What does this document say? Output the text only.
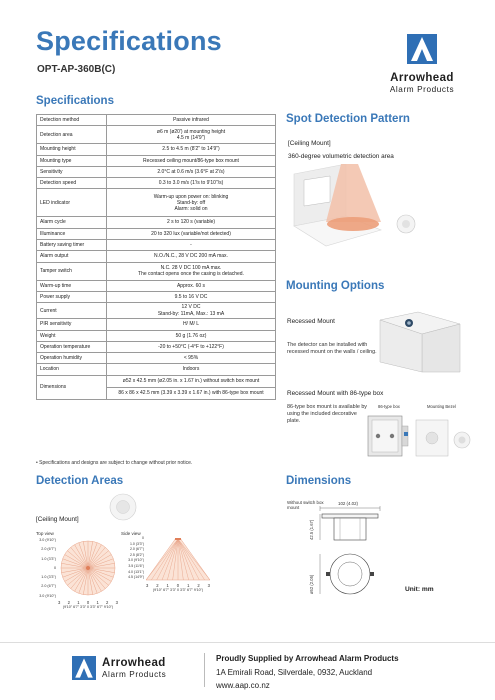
Specifications
OPT-AP-360B(C)
Arrowhead
Alarm Products
Specifications
Detection method	Passive infrared
Detection area	ø6 m (ø20') at mounting height
4.5 m (14'9")
Mounting height	2.5 to 4.5 m (8'2" to 14'9")
Mounting type	Recessed ceiling mount/86-type box mount
Sensitivity	2.0°C at 0.6 m/s (3.6°F at 2'/s)
Detection speed	0.3 to 3.0 m/s (1'/s to 9'10"/s)
LED indicator	Warm-up upon power on: blinking
Stand-by: off
Alarm: solid on
Alarm cycle	2 s to 120 s (variable)
Illuminance	20 to 320 lux (variable/not detected)
Battery saving timer	-
Alarm output	N.O./N.C., 28 V DC 200 mA max.
Tamper switch	N.C. 28 V DC 100 mA max.
The contact opens once the casing is detached.
Warm-up time	Approx. 60 s
Power supply	9.5 to 16 V DC
Current	12 V DC
Stand-by: 11mA, Max.: 13 mA
PIR sensitivity	H/ M/ L
Weight	50 g (1.76 oz)
Operation temperature	-20 to +50°C (-4°F to +122°F)
Operation humidity	< 95%
Location	Indoors
Dimensions	ø52 x 42.5 mm (ø2.05 in. x 1.67 in.) without switch box mount
	86 x 86 x 42.5 mm (3.39 x 3.39 x 1.67 in.) with 86-type box mount
• Specifications and designs are subject to change without prior notice.
Spot Detection Pattern
[Ceiling Mount]
360-degree volumetric detection area
Mounting Options
Recessed Mount
The detector can be installed with recessed mount on the walls / ceiling.
Recessed Mount with 86-type box
86-type box mount is available by using the included decorative plate.
86-type box	Mounting Bezel
Detection Areas
[Ceiling Mount]
Top view	Side view
3.0 (9'10")
2.0 (6'7")
1.0 (3'3")
0
1.0 (3'3")
2.0 (6'7")
3.0 (9'10")
3 2 1 0 1 2 3
(9'10" 6'7" 3'3" 0 3'3" 6'7" 9'10")
0
1.0 (3'3")
2.0 (6'7")
2.5 (8'2")
3.0 (9'10")
3.5 (11'6")
4.0 (13'1")
4.5 (14'9")
3 2 1 0 1 2 3
(9'10" 6'7" 3'3" 0 3'3" 6'7" 9'10")
Dimensions
Without switch box mount
102 (4.02)
42.5 (1.67)
ø52 (2.05)	Unit: mm
Arrowhead
Alarm Products
Proudly Supplied by Arrowhead Alarm Products
1A Emirali Road, Silverdale, 0932, Auckland
www.aap.co.nz
